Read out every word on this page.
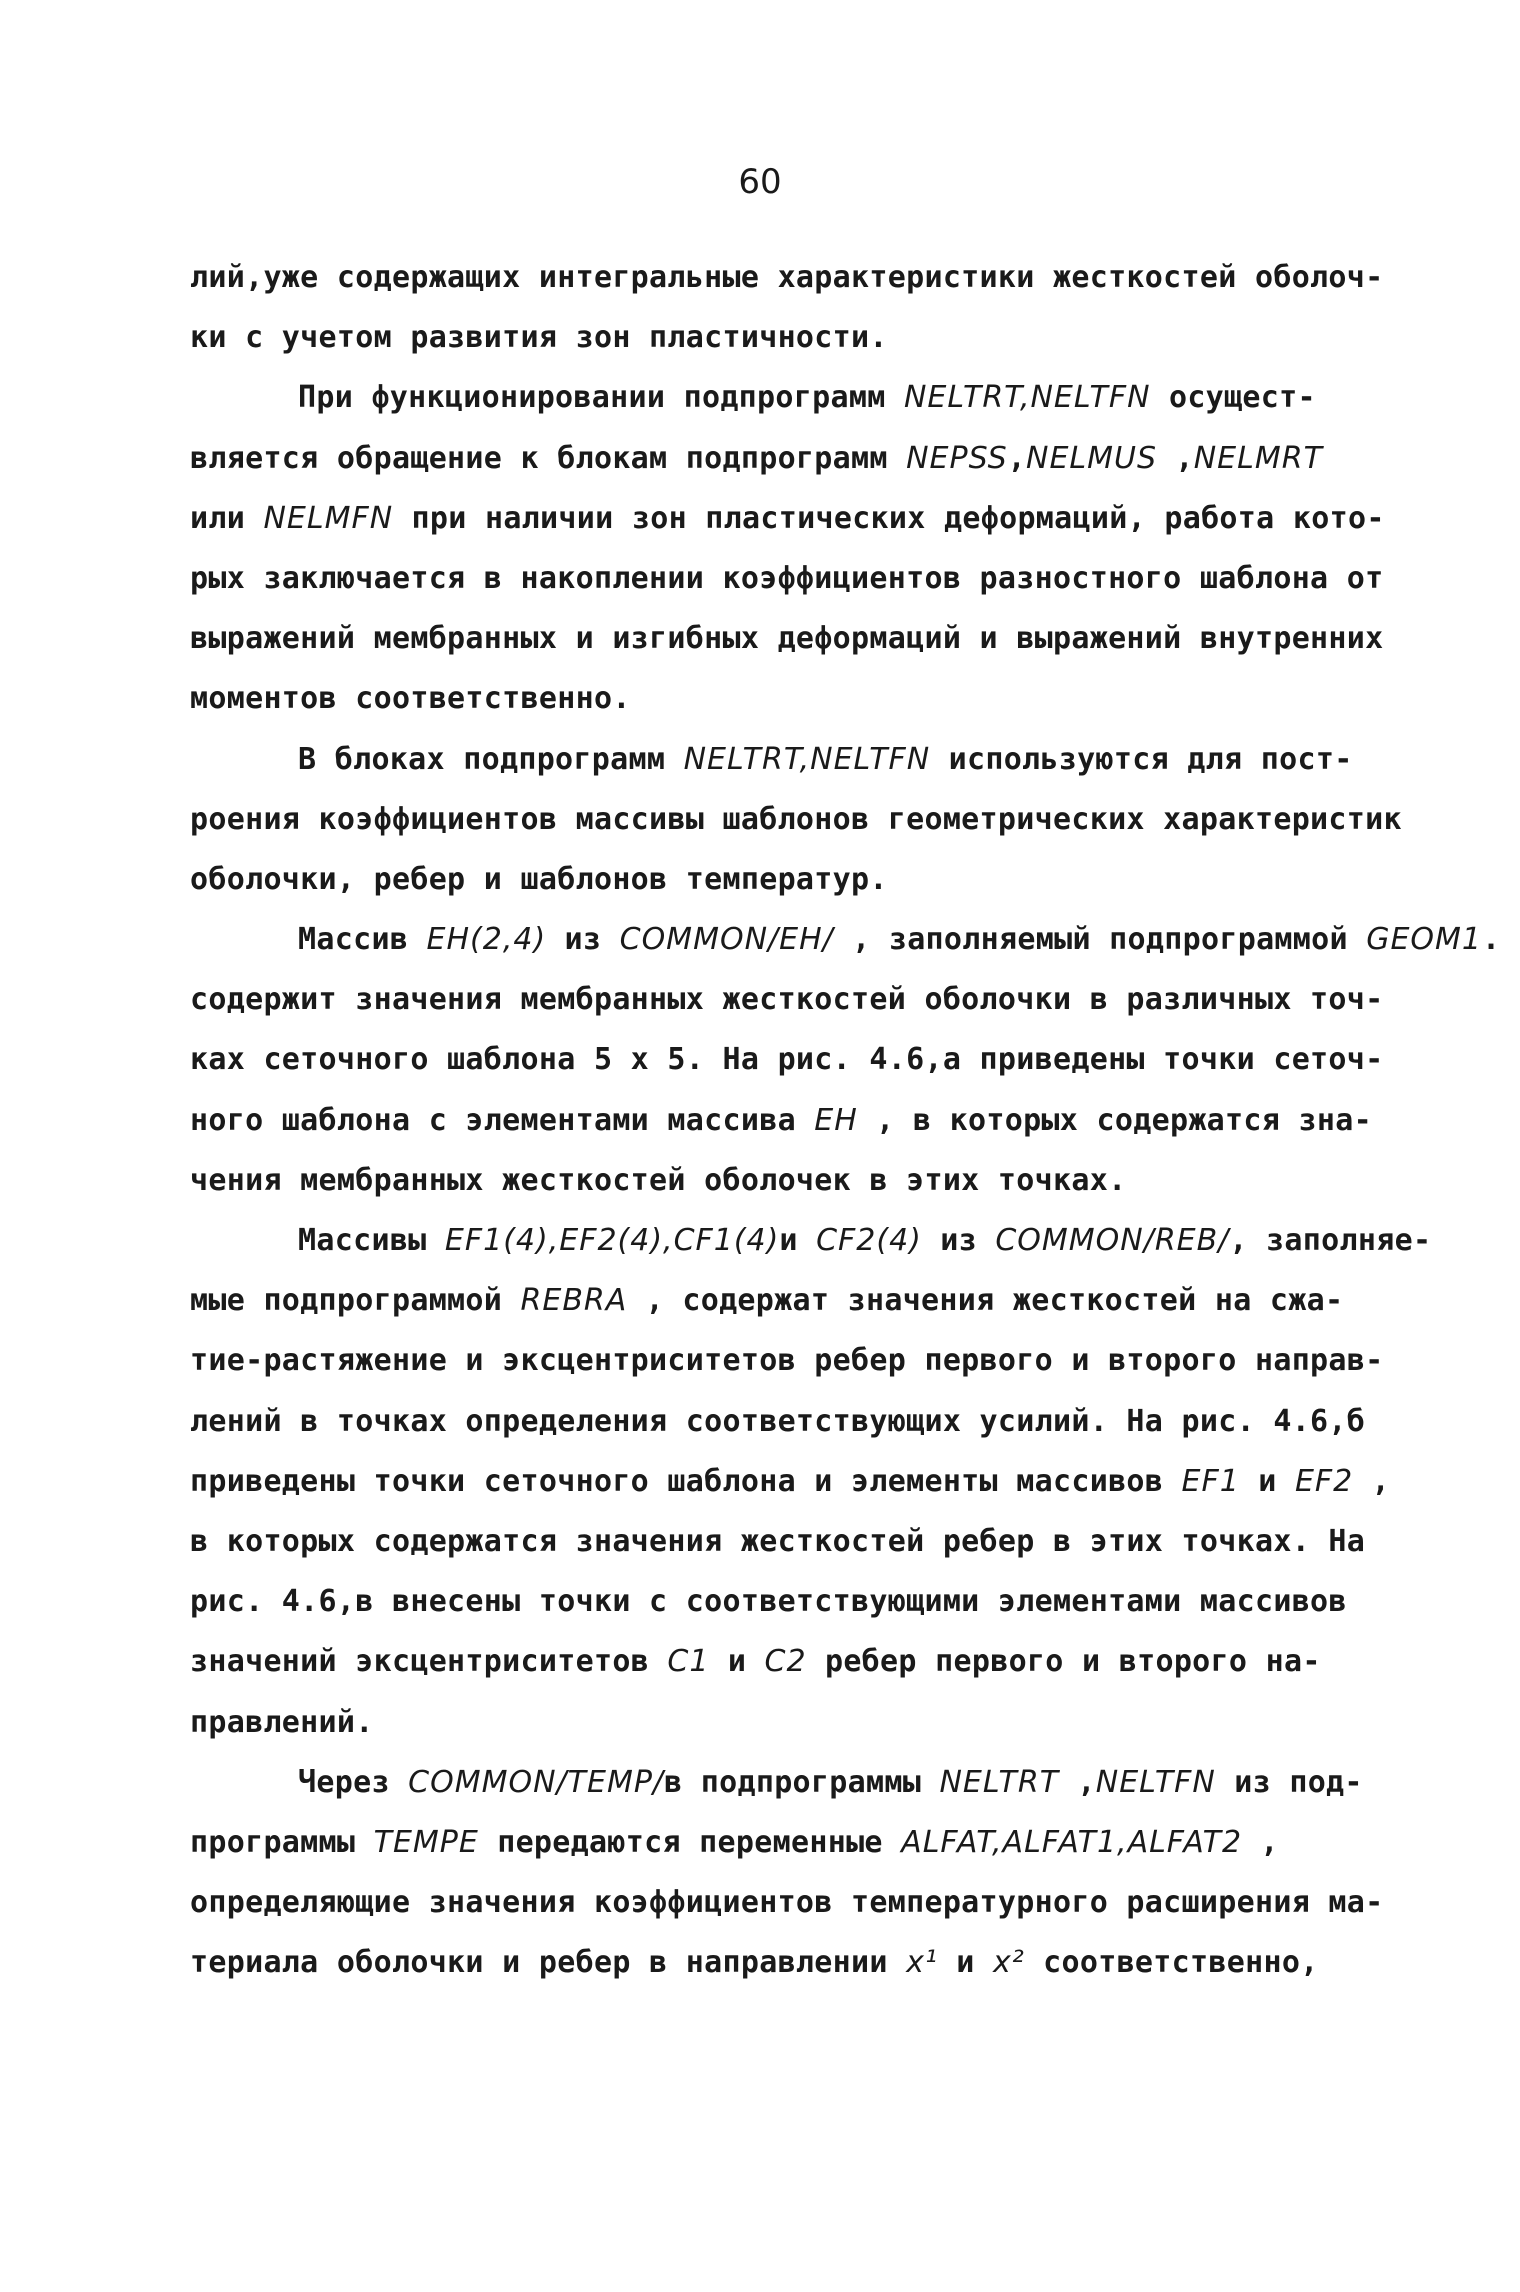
60
лий,уже содержащих интегральные характеристики жесткостей оболоч-
ки с учетом развития зон пластичности.
При функционировании подпрограмм NELTRT,NELTFN осущест-
вляется обращение к блокам подпрограмм NEPSS,NELMUS ,NELMRT
или NELMFN при наличии зон пластических деформаций, работа кото-
рых заключается в накоплении коэффициентов разностного шаблона от
выражений мембранных и изгибных деформаций и выражений внутренних
моментов соответственно.
В блоках подпрограмм NELTRT,NELTFN используются для пост-
роения коэффициентов массивы шаблонов геометрических характеристик
оболочки, ребер и шаблонов температур.
Массив EH(2,4) из COMMON/EH/ , заполняемый подпрограммой GEOM1.
содержит значения мембранных жесткостей оболочки в различных точ-
ках сеточного шаблона 5 х 5. На рис. 4.6,а приведены точки сеточ-
ного шаблона с элементами массива EH , в которых содержатся зна-
чения мембранных жесткостей оболочек в этих точках.
Массивы EF1(4),EF2(4),CF1(4)и CF2(4) из COMMON/REB/, заполняе-
мые подпрограммой REBRA , содержат значения жесткостей на сжа-
тие-растяжение и эксцентриситетов ребер первого и второго направ-
лений в точках определения соответствующих усилий. На рис. 4.6,б
приведены точки сеточного шаблона и элементы массивов EF1 и EF2 ,
в которых содержатся значения жесткостей ребер в этих точках. На
рис. 4.6,в внесены точки с соответствующими элементами массивов
значений эксцентриситетов C1 и C2 ребер первого и второго на-
правлений.
Через COMMON/TEMP/в подпрограммы NELTRT ,NELTFN из под-
программы TEMPE передаются переменные ALFAT,ALFAT1,ALFAT2 ,
определяющие значения коэффициентов температурного расширения ма-
териала оболочки и ребер в направлении x¹ и x² соответственно,
